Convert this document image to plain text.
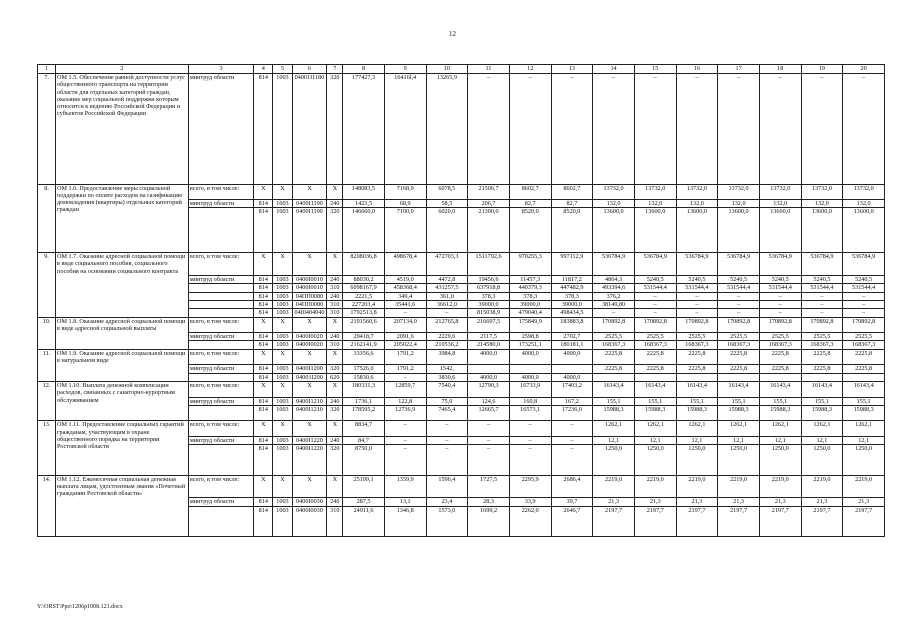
12
1	2	3	4	5	6	7	8	9	10	11	12	13	14	15	16	17	18	19	20
7.	ОМ 1.5. Обеспечение равной доступности услуг общественного транспорта на территории области для отдельных категорий граждан, оказание мер социальной поддержки которым относится к ведению Российской Федерации и субъектов Российской Федерации	минтруд области	814	1003	04001I1180	320	177427,3	16416l,4	13265,9	–	–	–	–	–	–	–	–	–	–

8.	ОМ 1.6. Предоставление меры социальной поддержки по оплате расходов на газификацию домовладения (квартиры) отдельных категорий граждан	всего, в том числе:	X	X	X	X	148083,5	7168,9	6078,5	21506,7	8602,7	8602,7	13732,0	13732,0	13732,0	13732,0	13732,0	13732,0	13732,0

		минтруд области	814	1003	0400I1190	240	1423,5	68,9	58,5	206,7	82,7	82,7	132,0	132,0	132,0	132,0	132,0	132,0	132,0

			814	1003	0400I1190	320	146660,0	7100,0	6020,0	21300,0	8520,0	8520,0	13600,0	13600,0	13600,0	13600,0	13600,0	13600,0	13600,0

9.	ОМ 1.7. Оказание адресной социальной помощи в виде социального пособия, социального пособия на основании социального контракта	всего, в том числе:	X	X	X	X	8208036,8	498678,4	472703,3	1511792,6	970255,3	997112,9	536784,9	536784,9	536784,9	536784,9	536784,9	536784,9	536784,9

		минтруд области	814	1003	0400I0010	240	88030,2	4519,0	4472,8	19456,6	11457,3	11817,2	4864,3	5240,5	5240,5	5240,5	5240,5	5240,5	5240,5

			814	1003	0400I0010	310	6098167,9	458368,4	431257,5	637918,8	440379,3	447482,9	493394,6	531544,4	531544,4	531544,4	531544,4	531544,4	531544,4

			814	1003	04ПП0080	240	2221,5	349,4	361,0	378,3	378,3	378,3	376,2	–	–	–	–	–	–

			814	1003	04ПП0080	310	227203,4	35441,6	36612,0	39000,0	39000,0	39000,0	38149,80	–	–	–	–	–	–

			814	1003	04I0404040	310	1792513,8	–	–	815038,9	479040,4	498434,5	–	–	–	–	–	–	–

10.	ОМ 1.8. Оказание адресной социальной помощи в виде адресной социальной выплаты	всего, в том числе:	X	X	X	X	2191560,6	207134,0	212765,8	216697,5	175849,9	183883,8	170892,8	170892,8	170892,8	170892,8	170892,8	170892,8	170892,8

		минтруд области	814	1003	0400I0020	240	29418,7	2091,6	2229,6	2117,5	2598,8	2702,7	2525,5	2525,5	2525,5	2525,5	2525,5	2525,5	2525,5

			814	1003	0400I0020	310	2162141,9	205022,4	210536,2	214580,0	173251,1	180181,1	168367,3	168367,3	168367,3	168367,3	168367,3	168367,3	168367,3

11.	ОМ 1.9. Оказание адресной социальной помощи в натуральном виде	всего, в том числе:	X	X	X	X	33356,6	1791,2	3984,8	4000,0	4000,0	4000,0	2225,8	2225,8	2225,8	2225,8	2225,8	2225,8	2225,8

		минтруд области	814	1003	0400I1200	320	17526,0	1791,2	1542,				2225,8	2225,8	2225,8	2225,8	2225,8	2225,8	2225,8

			814	1003	04001I200	620	15830,6	–	3830,6	4000,0	4000,0	4000,0							

12.	ОМ 1.10. Выплата денежной компенсации расходов, связанных с санаторно-курортным обслуживанием	всего, в том числе:	X	X	X	X	180331,3	12859,7	7540,4	12790,3	16733,9	17403,2	16143,4	16143,4	16143,4	16143,4	16143,4	16143,4	16143,4

		минтруд области	814	1003	0400I1210	240	1736,1	122,8	75,0	124,6	160,8	167,2	155,1	155,1	155,1	155,1	155,1	155,1	155,1

			814	1003	0400I1210	320	178595,2	12736,9	7465,4	12665,7	16573,1	17236,0	15988,3	15988,3	15988,3	15988,3	15988,3	15988,3	15988,3

13.	ОМ 1.11. Предоставление социальных гарантий гражданам, участвующим в охране общественного порядка на территории Ростовской области	всего, в том числе:	X	X	X	X	8834,7	–	–	–	–	–	1262,1	1262,1	1262,1	1262,1	1262,1	1262,1	1262,1

		минтруд области	814	1003	0400I1220	240	84,7	–	–	–	–	–	12,1	12,1	12,1	12,1	12,1	12,1	12,1

			814	1003	0400I1220	320	8750,0	–	–	–	–	–	1250,0	1250,0	1250,0	1250,0	1250,0	1250,0	1250,0

14.	ОМ 1.12. Ежемесячная социальная денежная выплата лицам, удостоенным звания «Почетный гражданин Ростовской области»	всего, в том числе:	X	X	X	X	25199,1	1359,9	1596,4	1727,5	2295,9	2686,4	2219,0	2219,0	2219,0	2219,0	2219,0	2219,0	2219,0

		минтруд области	814	1003	0400I0030	240	287,5	13,1	23,4	28,3	33,9	39,7	21,3	21,3	21,3	21,3	21,3	21,3	21,3

			814	1003	0400I0030	310	24911,6	1346,8	1573,0	1699,2	2262,0	2646,7	2197,7	2197,7	2197,7	2197,7	2197,7	2197,7	2197,7
Y:\ORST\Ppo\1206p1008.121.docx
